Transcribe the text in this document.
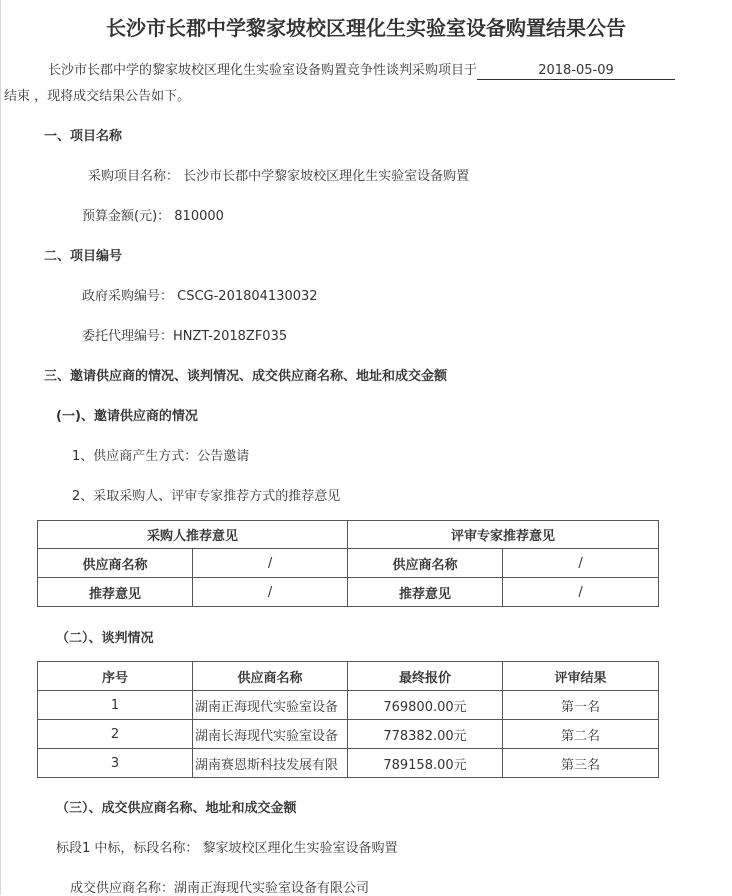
长沙市长郡中学黎家坡校区理化生实验室设备购置结果公告
长沙市长郡中学的黎家坡校区理化生实验室设备购置竞争性谈判采购项目于	2018-05-09
结束 ，现将成交结果公告如下。
一、项目名称
采购项目名称： 长沙市长郡中学黎家坡校区理化生实验室设备购置
预算金额(元)： 810000
二、项目编号
政府采购编号： CSCG-201804130032
委托代理编号：HNZT-2018ZF035
三、邀请供应商的情况、谈判情况、成交供应商名称、地址和成交金额
(一)、邀请供应商的情况
1、供应商产生方式：公告邀请
2、采取采购人、评审专家推荐方式的推荐意见
采购人推荐意见		评审专家推荐意见	
供应商名称	/	供应商名称	/
推荐意见	/	推荐意见	/
（二）、谈判情况
序号	供应商名称	最终报价	评审结果
1	湖南正海现代实验室设备	769800.00元	第一名
2	湖南长海现代实验室设备	778382.00元	第二名
3	湖南赛恩斯科技发展有限	789158.00元	第三名
（三）、成交供应商名称、地址和成交金额
标段1 中标，标段名称： 黎家坡校区理化生实验室设备购置
成交供应商名称：湖南正海现代实验室设备有限公司
